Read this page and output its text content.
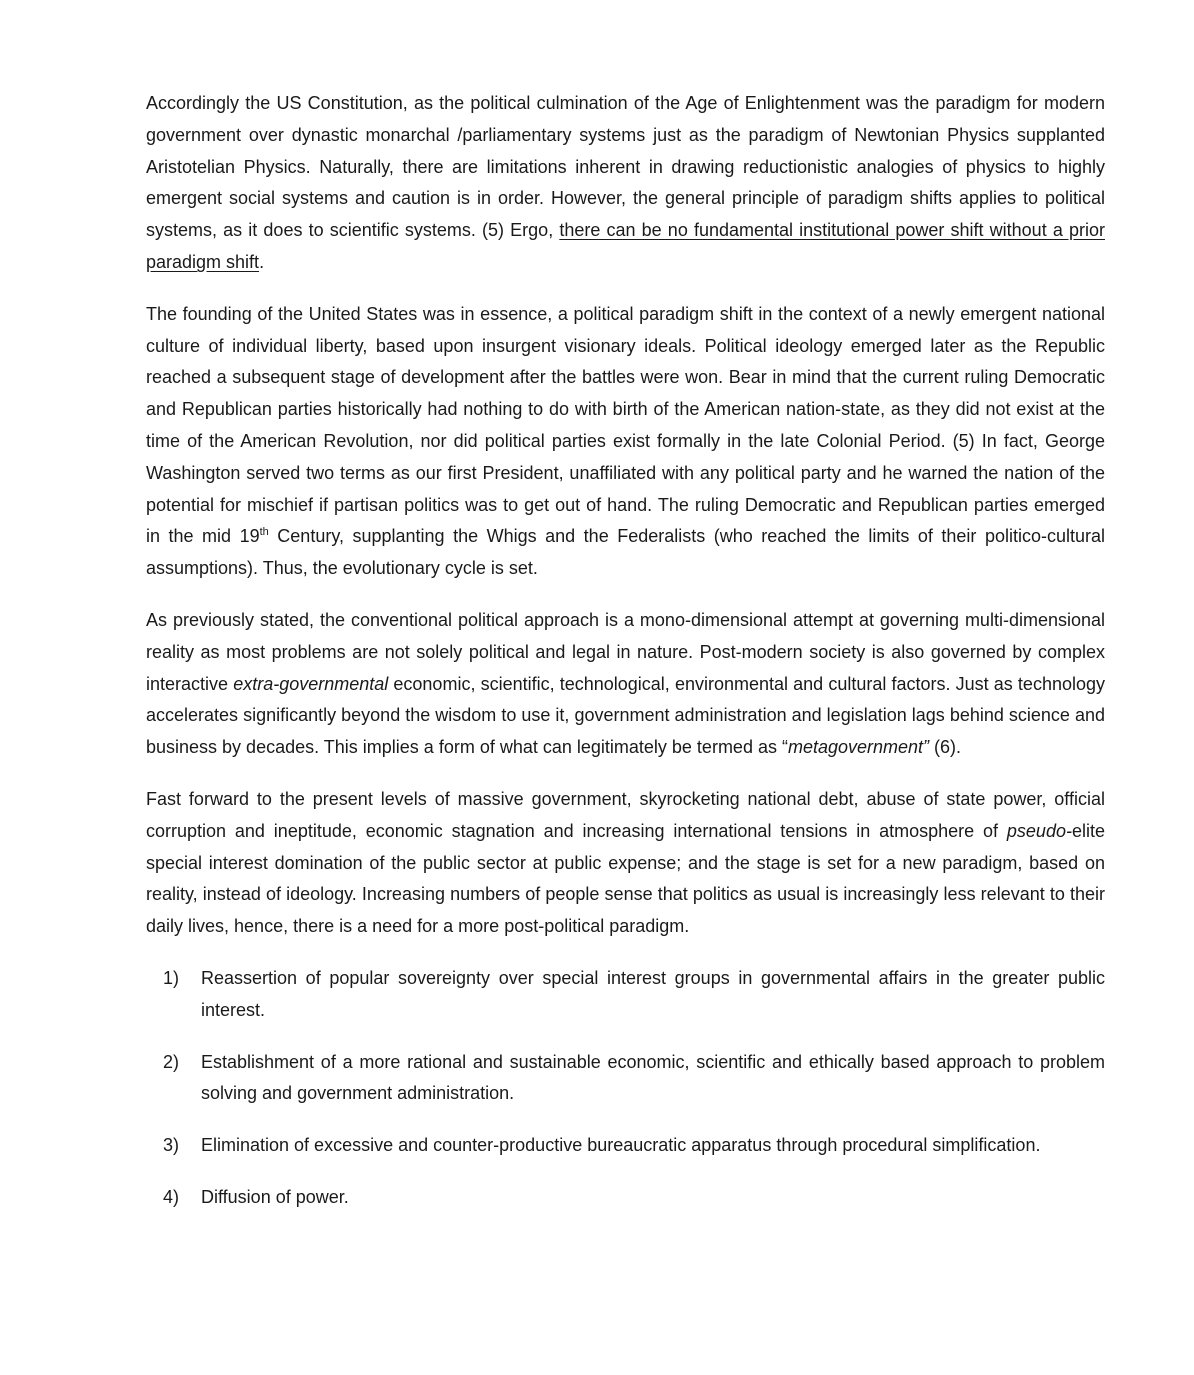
Accordingly the US Constitution, as the political culmination of the Age of Enlightenment was the paradigm for modern government over dynastic monarchal /parliamentary systems just as the paradigm of Newtonian Physics supplanted Aristotelian Physics. Naturally, there are limitations inherent in drawing reductionistic analogies of physics to highly emergent social systems and caution is in order. However, the general principle of paradigm shifts applies to political systems, as it does to scientific systems. (5) Ergo, there can be no fundamental institutional power shift without a prior paradigm shift.

The founding of the United States was in essence, a political paradigm shift in the context of a newly emergent national culture of individual liberty, based upon insurgent visionary ideals. Political ideology emerged later as the Republic reached a subsequent stage of development after the battles were won. Bear in mind that the current ruling Democratic and Republican parties historically had nothing to do with birth of the American nation-state, as they did not exist at the time of the American Revolution, nor did political parties exist formally in the late Colonial Period. (5) In fact, George Washington served two terms as our first President, unaffiliated with any political party and he warned the nation of the potential for mischief if partisan politics was to get out of hand. The ruling Democratic and Republican parties emerged in the mid 19th Century, supplanting the Whigs and the Federalists (who reached the limits of their politico-cultural assumptions). Thus, the evolutionary cycle is set.

As previously stated, the conventional political approach is a mono-dimensional attempt at governing multi-dimensional reality as most problems are not solely political and legal in nature. Post-modern society is also governed by complex interactive extra-governmental economic, scientific, technological, environmental and cultural factors. Just as technology accelerates significantly beyond the wisdom to use it, government administration and legislation lags behind science and business by decades. This implies a form of what can legitimately be termed as “metagovernment” (6).

Fast forward to the present levels of massive government, skyrocketing national debt, abuse of state power, official corruption and ineptitude, economic stagnation and increasing international tensions in atmosphere of pseudo-elite special interest domination of the public sector at public expense; and the stage is set for a new paradigm, based on reality, instead of ideology. Increasing numbers of people sense that politics as usual is increasingly less relevant to their daily lives, hence, there is a need for a more post-political paradigm.

1) Reassertion of popular sovereignty over special interest groups in governmental affairs in the greater public interest.
2) Establishment of a more rational and sustainable economic, scientific and ethically based approach to problem solving and government administration.
3) Elimination of excessive and counter-productive bureaucratic apparatus through procedural simplification.
4) Diffusion of power.
